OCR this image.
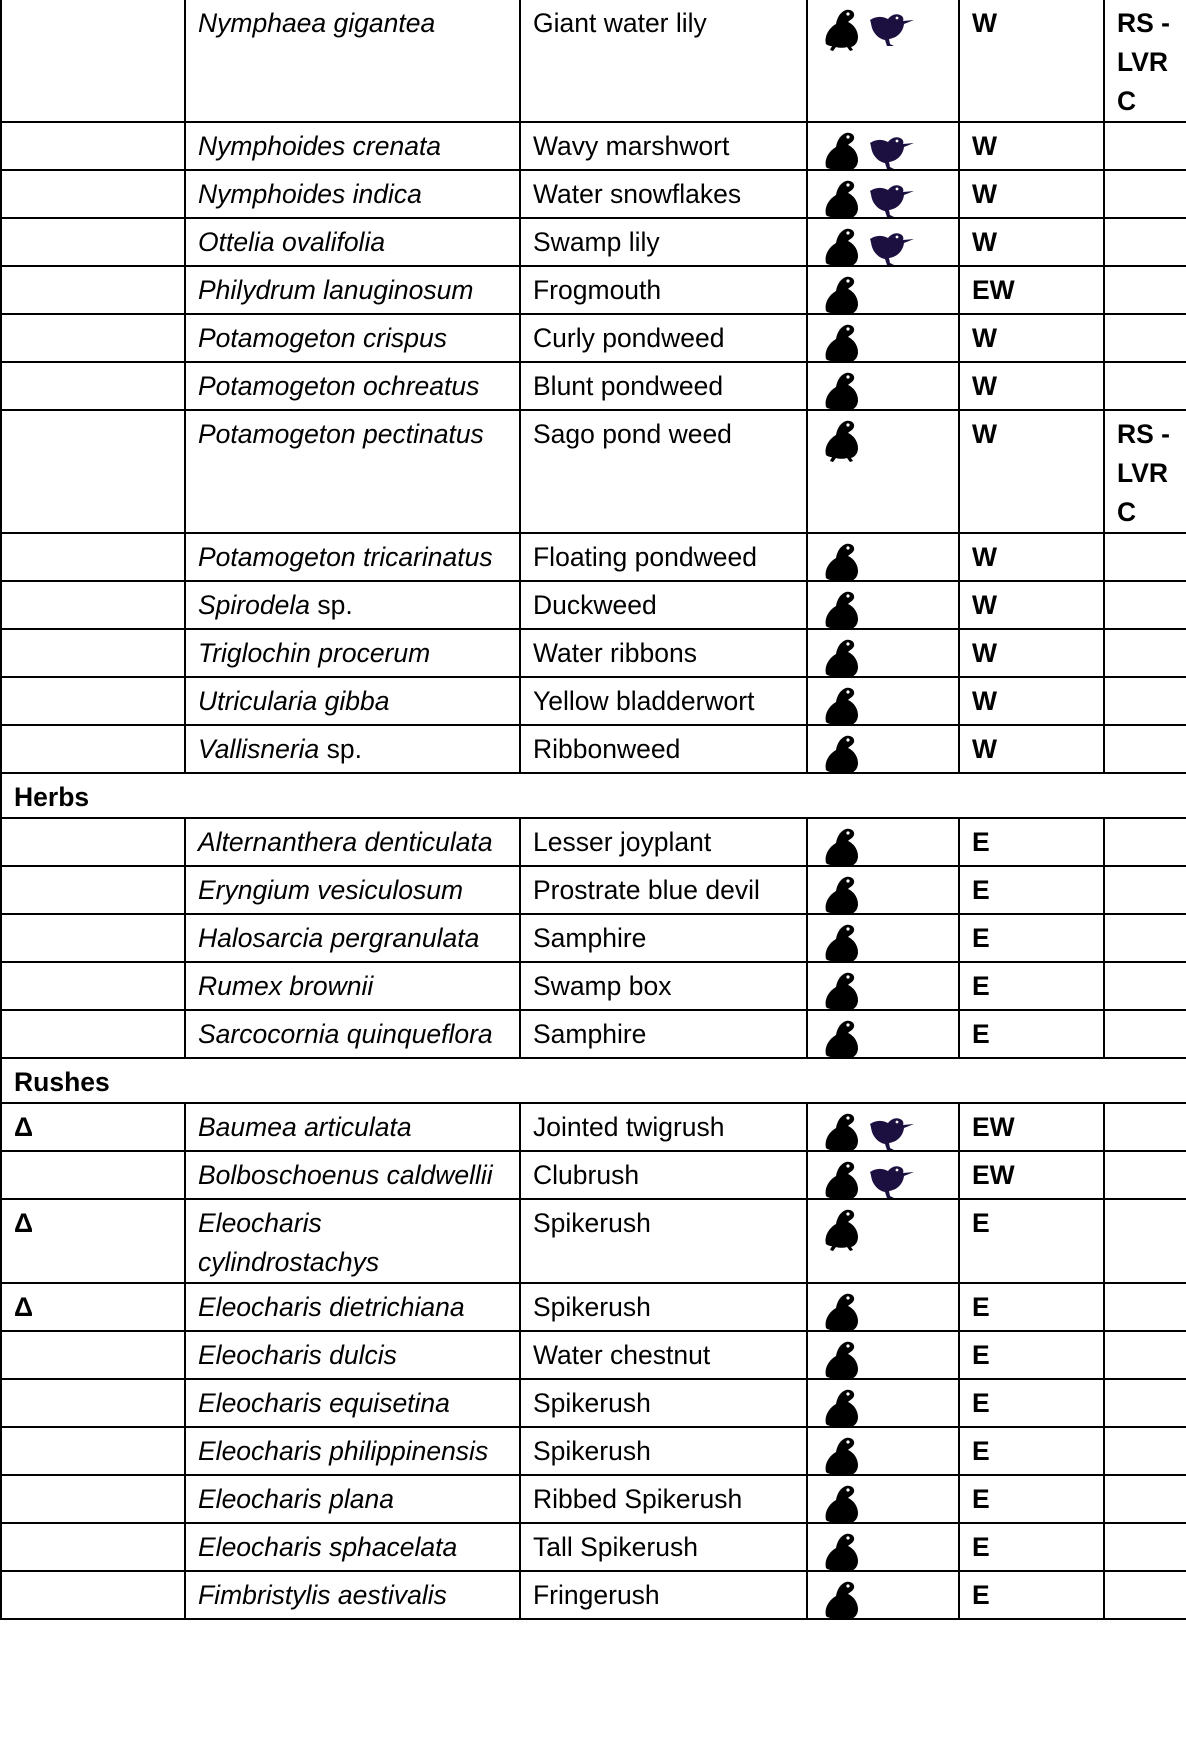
	Nymphaea gigantea	Giant water lily		W	RS -
LVR
C
	Nymphoides crenata	Wavy marshwort		W	
	Nymphoides indica	Water snowflakes		W	
	Ottelia ovalifolia	Swamp lily		W	
	Philydrum lanuginosum	Frogmouth		EW	
	Potamogeton crispus	Curly pondweed		W	
	Potamogeton ochreatus	Blunt pondweed		W	
	Potamogeton pectinatus	Sago pond weed		W	RS -
LVR
C
	Potamogeton tricarinatus	Floating pondweed		W	
	Spirodela sp.	Duckweed		W	
	Triglochin procerum	Water ribbons		W	
	Utricularia gibba	Yellow bladderwort		W	
	Vallisneria sp.	Ribbonweed		W	
Herbs					
	Alternanthera denticulata	Lesser joyplant		E	
	Eryngium vesiculosum	Prostrate blue devil		E	
	Halosarcia pergranulata	Samphire		E	
	Rumex brownii	Swamp box		E	
	Sarcocornia quinqueflora	Samphire		E	
Rushes					
Δ	Baumea articulata	Jointed twigrush		EW	
	Bolboschoenus caldwellii	Clubrush		EW	
Δ	Eleocharis cylindrostachys	Spikerush		E	
Δ	Eleocharis dietrichiana	Spikerush		E	
	Eleocharis dulcis	Water chestnut		E	
	Eleocharis equisetina	Spikerush		E	
	Eleocharis philippinensis	Spikerush		E	
	Eleocharis plana	Ribbed Spikerush		E	
	Eleocharis sphacelata	Tall Spikerush		E	
	Fimbristylis aestivalis	Fringerush		E	
